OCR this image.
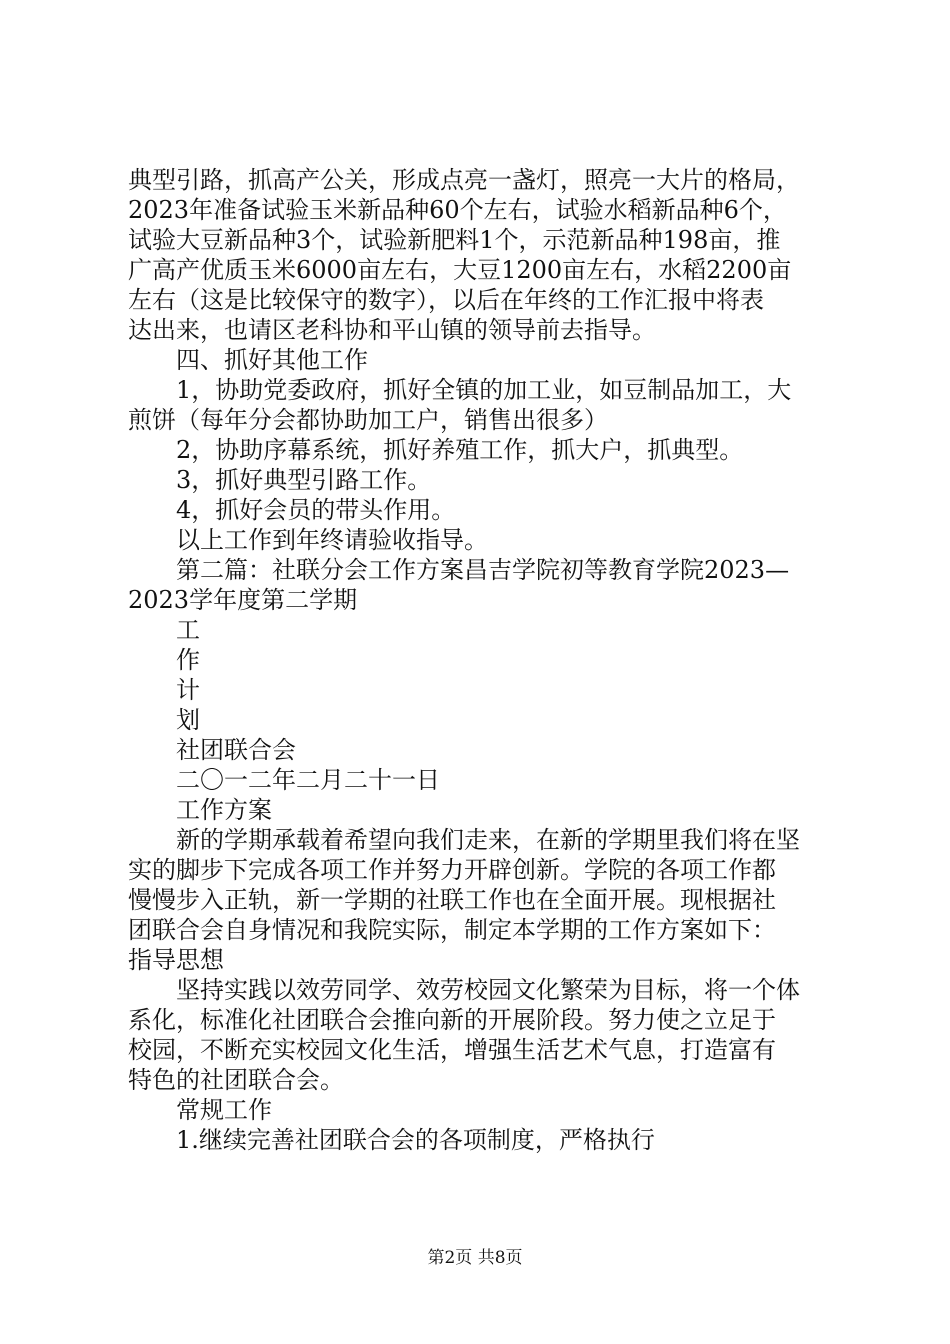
典型引路，抓高产公关，形成点亮一盏灯，照亮一大片的格局，
2023年准备试验玉米新品种60个左右，试验水稻新品种6个，
试验大豆新品种3个，试验新肥料1个，示范新品种198亩，推
广高产优质玉米6000亩左右，大豆1200亩左右，水稻2200亩
左右（这是比较保守的数字），以后在年终的工作汇报中将表
达出来，也请区老科协和平山镇的领导前去指导。
四、抓好其他工作
1，协助党委政府，抓好全镇的加工业，如豆制品加工，大
煎饼（每年分会都协助加工户，销售出很多）
2，协助序幕系统，抓好养殖工作，抓大户，抓典型。
3，抓好典型引路工作。
4，抓好会员的带头作用。
以上工作到年终请验收指导。
第二篇：社联分会工作方案昌吉学院初等教育学院2023—
2023学年度第二学期
工
作
计
划
社团联合会
二〇一二年二月二十一日
工作方案
新的学期承载着希望向我们走来，在新的学期里我们将在坚
实的脚步下完成各项工作并努力开辟创新。学院的各项工作都
慢慢步入正轨，新一学期的社联工作也在全面开展。现根据社
团联合会自身情况和我院实际，制定本学期的工作方案如下：
指导思想
坚持实践以效劳同学、效劳校园文化繁荣为目标，将一个体
系化，标准化社团联合会推向新的开展阶段。努力使之立足于
校园，不断充实校园文化生活，增强生活艺术气息，打造富有
特色的社团联合会。
常规工作
1.继续完善社团联合会的各项制度，严格执行
第2页 共8页
